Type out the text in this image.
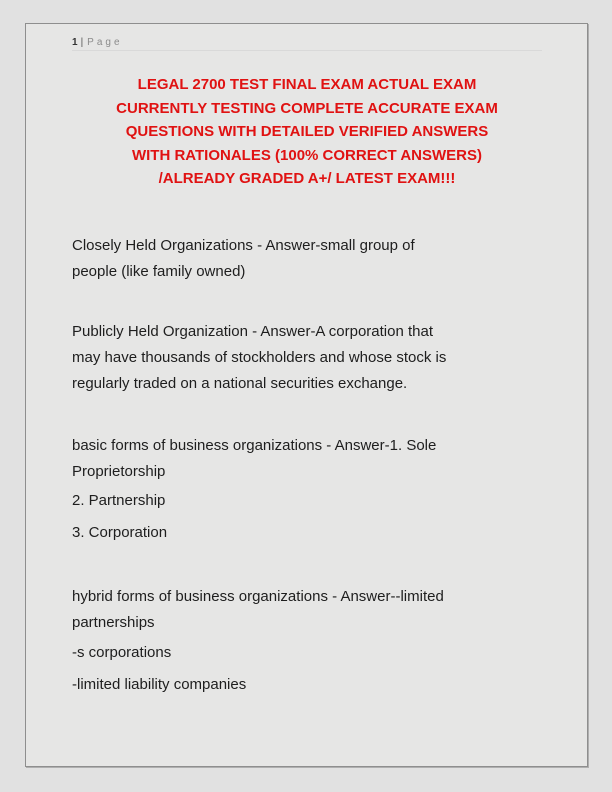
1 | Page
LEGAL 2700 TEST FINAL EXAM ACTUAL EXAM
CURRENTLY TESTING COMPLETE ACCURATE EXAM
QUESTIONS WITH DETAILED VERIFIED ANSWERS
WITH RATIONALES (100% CORRECT ANSWERS)
/ALREADY GRADED A+/ LATEST EXAM!!!

Closely Held Organizations - Answer-small group of
people (like family owned)

Publicly Held Organization - Answer-A corporation that
may have thousands of stockholders and whose stock is
regularly traded on a national securities exchange.

basic forms of business organizations - Answer-1. Sole
Proprietorship

2. Partnership

3. Corporation

hybrid forms of business organizations - Answer--limited
partnerships

-s corporations

-limited liability companies
